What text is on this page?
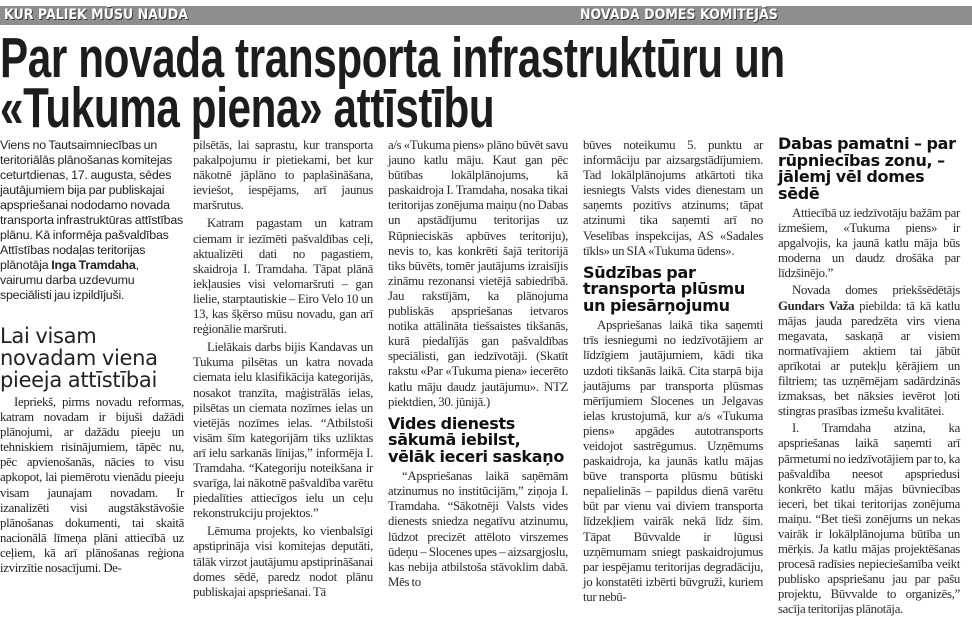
KUR PALIEK MŪSU NAUDA	NOVADA DOMES KOMITEJĀS
Par novada transporta infrastruktūru un
«Tukuma piena» attīstību

Viens no Tautsaimniecības un teritoriālās plānošanas komitejas ceturtdienas, 17. augusta, sēdes jautājumiem bija par publiskajai apspriešanai nododamo novada transporta infrastruktūras attīstības plānu. Kā informēja pašvaldības Attīstības nodaļas teritorijas plānotāja Inga Tramdaha, vairumu darba uzdevumu speciālisti jau izpildījuši.

Lai visam novadam viena pieeja attīstībai

Iepriekš, pirms novadu reformas, katram novadam ir bijuši dažādi plānojumi, ar dažādu pieeju un tehniskiem risinājumiem, tāpēc nu, pēc apvienošanās, nācies to visu apkopot, lai piemērotu vienādu pieeju visam jaunajam novadam. Ir izanalizēti visi augstākstāvošie plānošanas dokumenti, tai skaitā nacionālā līmeņa plāni attiecībā uz ceļiem, kā arī plānošanas reģiona izvirzītie nosacījumi. De-

pilsētās, lai saprastu, kur transporta pakalpojumu ir pietiekami, bet kur nākotnē jāplāno to paplašināšana, ieviešot, iespējams, arī jaunus maršrutus.

Katram pagastam un katram ciemam ir iezīmēti pašvaldības ceļi, aktualizēti dati no pagastiem, skaidroja I. Tramdaha. Tāpat plānā iekļausies visi velomaršruti – gan lielie, starptautiskie – Eiro Velo 10 un 13, kas šķērso mūsu novadu, gan arī reģionālie maršruti.

Lielākais darbs bijis Kandavas un Tukuma pilsētas un katra novada ciemata ielu klasifikācija kategorijās, nosakot tranzīta, maģistrālās ielas, pilsētas un ciemata nozīmes ielas un vietējās nozīmes ielas. “Atbilstoši visām šīm kategorijām tiks uzliktas arī ielu sarkanās līnijas,” informēja I. Tramdaha. “Kategoriju noteikšana ir svarīga, lai nākotnē pašvaldība varētu piedalīties attiecīgos ielu un ceļu rekonstrukciju projektos.”

Lēmuma projekts, ko vienbalsīgi apstiprināja visi komitejas deputāti, tālāk virzot jautājumu apstiprināšanai domes sēdē, paredz nodot plānu publiskajai apspriešanai. Tā

a/s «Tukuma piens» plāno būvēt savu jauno katlu māju. Kaut gan pēc būtības lokālplānojums, kā paskaidroja I. Tramdaha, nosaka tikai teritorijas zonējuma maiņu (no Dabas un apstādījumu teritorijas uz Rūpnieciskās apbūves teritoriju), nevis to, kas konkrēti šajā teritorijā tiks būvēts, tomēr jautājums izraisījis zināmu rezonansi vietējā sabiedrībā. Jau rakstījām, ka plānojuma publiskās apspriešanas ietvaros notika attālināta tiešsaistes tikšanās, kurā piedalījās gan pašvaldības speciālisti, gan iedzīvotāji. (Skatīt rakstu «Par «Tukuma piena» iecerēto katlu māju daudz jautājumu». NTZ piektdien, 30. jūnijā.)

Vides dienests sākumā iebilst, vēlāk ieceri saskaņo

“Apspriešanas laikā saņēmām atzinumus no institūcijām,” ziņoja I. Tramdaha. “Sākotnēji Valsts vides dienests sniedza negatīvu atzinumu, lūdzot precizēt attēloto virszemes ūdeņu – Slocenes upes – aizsargjoslu, kas nebija atbilstoša stāvoklim dabā. Mēs to

būves noteikumu 5. punktu ar informāciju par aizsargstādījumiem. Tad lokālplānojums atkārtoti tika iesniegts Valsts vides dienestam un saņemts pozitīvs atzinums; tāpat atzinumi tika saņemti arī no Veselības inspekcijas, AS «Sadales tīkls» un SIA «Tukuma ūdens».

Sūdzības par transporta plūsmu un piesārņojumu

Apspriešanas laikā tika saņemti trīs iesniegumi no iedzīvotājiem ar līdzīgiem jautājumiem, kādi tika uzdoti tikšanās laikā. Cita starpā bija jautājums par transporta plūsmas mērījumiem Slocenes un Jelgavas ielas krustojumā, kur a/s «Tukuma piens» apgādes autotransports veidojot sastrēgumus. Uzņēmums paskaidroja, ka jaunās katlu mājas būve transporta plūsmu būtiski nepalielinās – papildus dienā varētu būt par vienu vai diviem transporta līdzekļiem vairāk nekā līdz šim. Tāpat Būvvalde ir lūgusi uzņēmumam sniegt paskaidrojumus par iespējamu teritorijas degradāciju, jo konstatēti izbērti būvgruži, kuriem tur nebū-

Dabas pamatni – par rūpniecības zonu, – jālemj vēl domes sēdē

Attiecībā uz iedzīvotāju bažām par izmešiem, «Tukuma piens» ir apgalvojis, ka jaunā katlu māja būs moderna un daudz drošāka par līdzšinējo.”

Novada domes priekšsēdētājs Gundars Važa piebilda: tā kā katlu mājas jauda paredzēta virs viena megavata, saskaņā ar visiem normatīvajiem aktiem tai jābūt aprīkotai ar putekļu ķērājiem un filtriem; tas uzņēmējam sadārdzinās izmaksas, bet nāksies ievērot ļoti stingras prasības izmešu kvalitātei.

I. Tramdaha atzina, ka apspriešanas laikā saņemti arī pārmetumi no iedzīvotājiem par to, ka pašvaldība neesot apspriedusi konkrēto katlu mājas būvniecības ieceri, bet tikai teritorijas zonējuma maiņu. “Bet tieši zonējums un nekas vairāk ir lokālplānojuma būtība un mērķis. Ja katlu mājas projektēšanas procesā radīsies nepieciešamība veikt publisko apspriešanu jau par pašu projektu, Būvvalde to organizēs,” sacīja teritorijas plānotāja.
